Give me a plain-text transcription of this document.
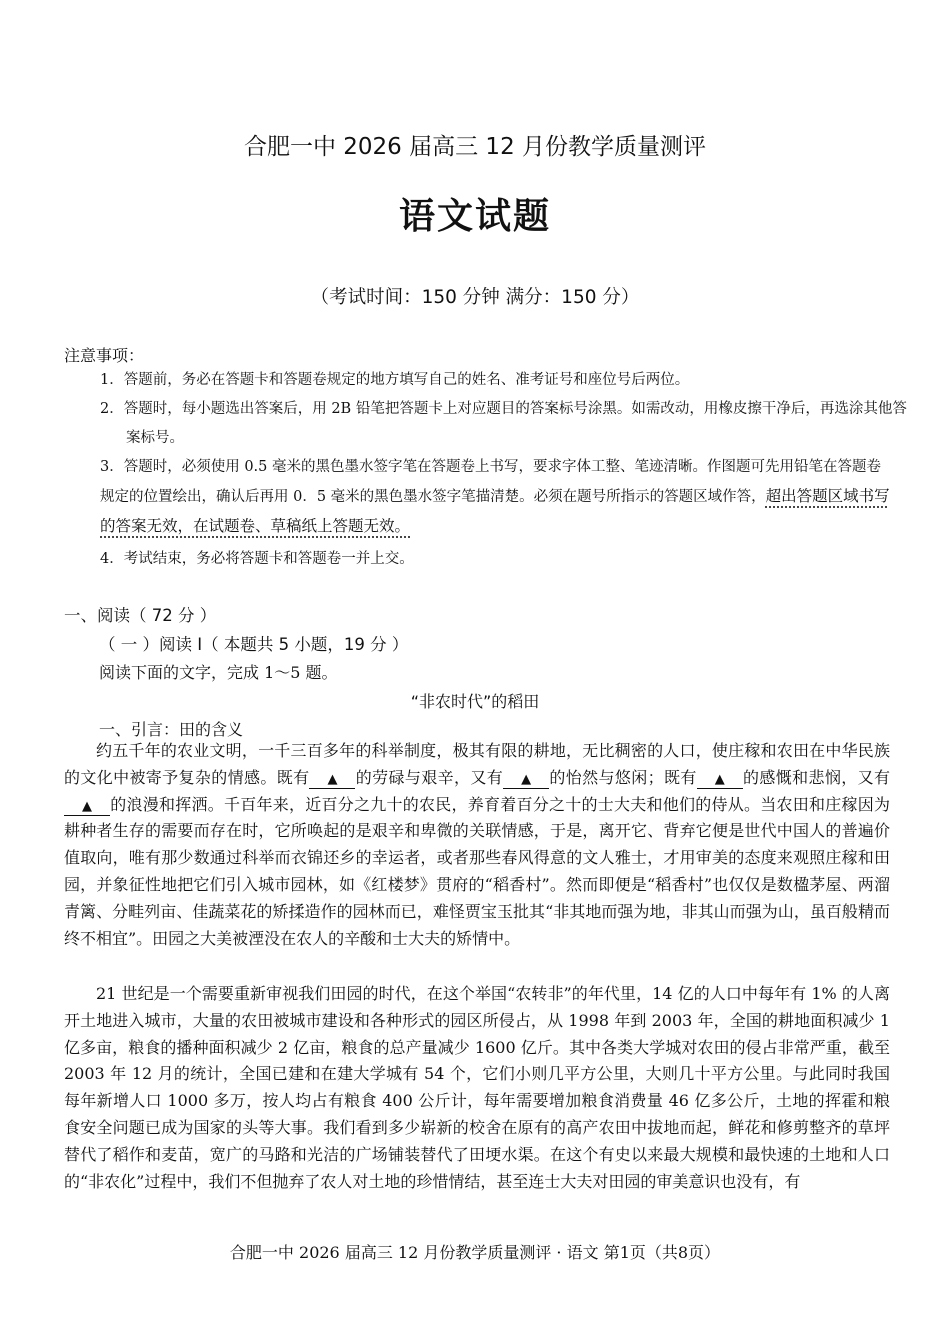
合肥一中 2026 届高三 12 月份教学质量测评
语文试题
（考试时间：150 分钟 满分：150 分）
注意事项：
1．答题前，务必在答题卡和答题卷规定的地方填写自己的姓名、准考证号和座位号后两位。
2．答题时，每小题选出答案后，用 2B 铅笔把答题卡上对应题目的答案标号涂黑。如需改动，用橡皮擦干净后，再选涂其他答案标号。
3．答题时，必须使用 0.5 毫米的黑色墨水签字笔在答题卷上书写，要求字体工整、笔迹清晰。作图题可先用铅笔在答题卷规定的位置绘出，确认后再用 0．5 毫米的黑色墨水签字笔描清楚。必须在题号所指示的答题区域作答，超出答题区域书写的答案无效，在试题卷、草稿纸上答题无效。
4．考试结束，务必将答题卡和答题卷一并上交。
一、阅读（ 72 分 ）
（ 一 ）阅读 I（ 本题共 5 小题，19 分 ）
阅读下面的文字，完成 1～5 题。
“非农时代”的稻田
一、引言：田的含义
约五千年的农业文明，一千三百多年的科举制度，极其有限的耕地，无比稠密的人口，使庄稼和农田在中华民族的文化中被寄予复杂的情感。既有 ▲ 的劳碌与艰辛，又有 ▲ 的怡然与悠闲；既有 ▲ 的感慨和悲悯，又有▲ 的浪漫和挥洒。千百年来，近百分之九十的农民，养育着百分之十的士大夫和他们的侍从。当农田和庄稼因为耕种者生存的需要而存在时，它所唤起的是艰辛和卑微的关联情感，于是，离开它、背弃它便是世代中国人的普遍价值取向，唯有那少数通过科举而衣锦还乡的幸运者，或者那些春风得意的文人雅士，才用审美的态度来观照庄稼和田园，并象征性地把它们引入城市园林，如《红楼梦》贯府的“稻香村”。然而即便是“稻香村”也仅仅是数楹茅屋、两溜青篱、分畦列亩、佳蔬菜花的矫揉造作的园林而已，难怪贾宝玉批其“非其地而强为地，非其山而强为山，虽百般精而终不相宜”。田园之大美被湮没在农人的辛酸和士大夫的矫情中。
21 世纪是一个需要重新审视我们田园的时代，在这个举国“农转非”的年代里，14 亿的人口中每年有 1% 的人离开土地进入城市，大量的农田被城市建设和各种形式的园区所侵占，从 1998 年到 2003 年，全国的耕地面积减少 1 亿多亩，粮食的播种面积减少 2 亿亩，粮食的总产量减少 1600 亿斤。其中各类大学城对农田的侵占非常严重，截至 2003 年 12 月的统计，全国已建和在建大学城有 54 个，它们小则几平方公里，大则几十平方公里。与此同时我国每年新增人口 1000 多万，按人均占有粮食 400 公斤计，每年需要增加粮食消费量 46 亿多公斤，土地的挥霍和粮食安全问题已成为国家的头等大事。我们看到多少崭新的校舍在原有的高产农田中拔地而起，鲜花和修剪整齐的草坪替代了稻作和麦苗，宽广的马路和光洁的广场铺装替代了田埂水渠。在这个有史以来最大规模和最快速的土地和人口的“非农化”过程中，我们不但抛弃了农人对土地的珍惜情结，甚至连士大夫对田园的审美意识也没有，有
合肥一中 2026 届高三 12 月份教学质量测评 · 语文 第1页（共8页）
